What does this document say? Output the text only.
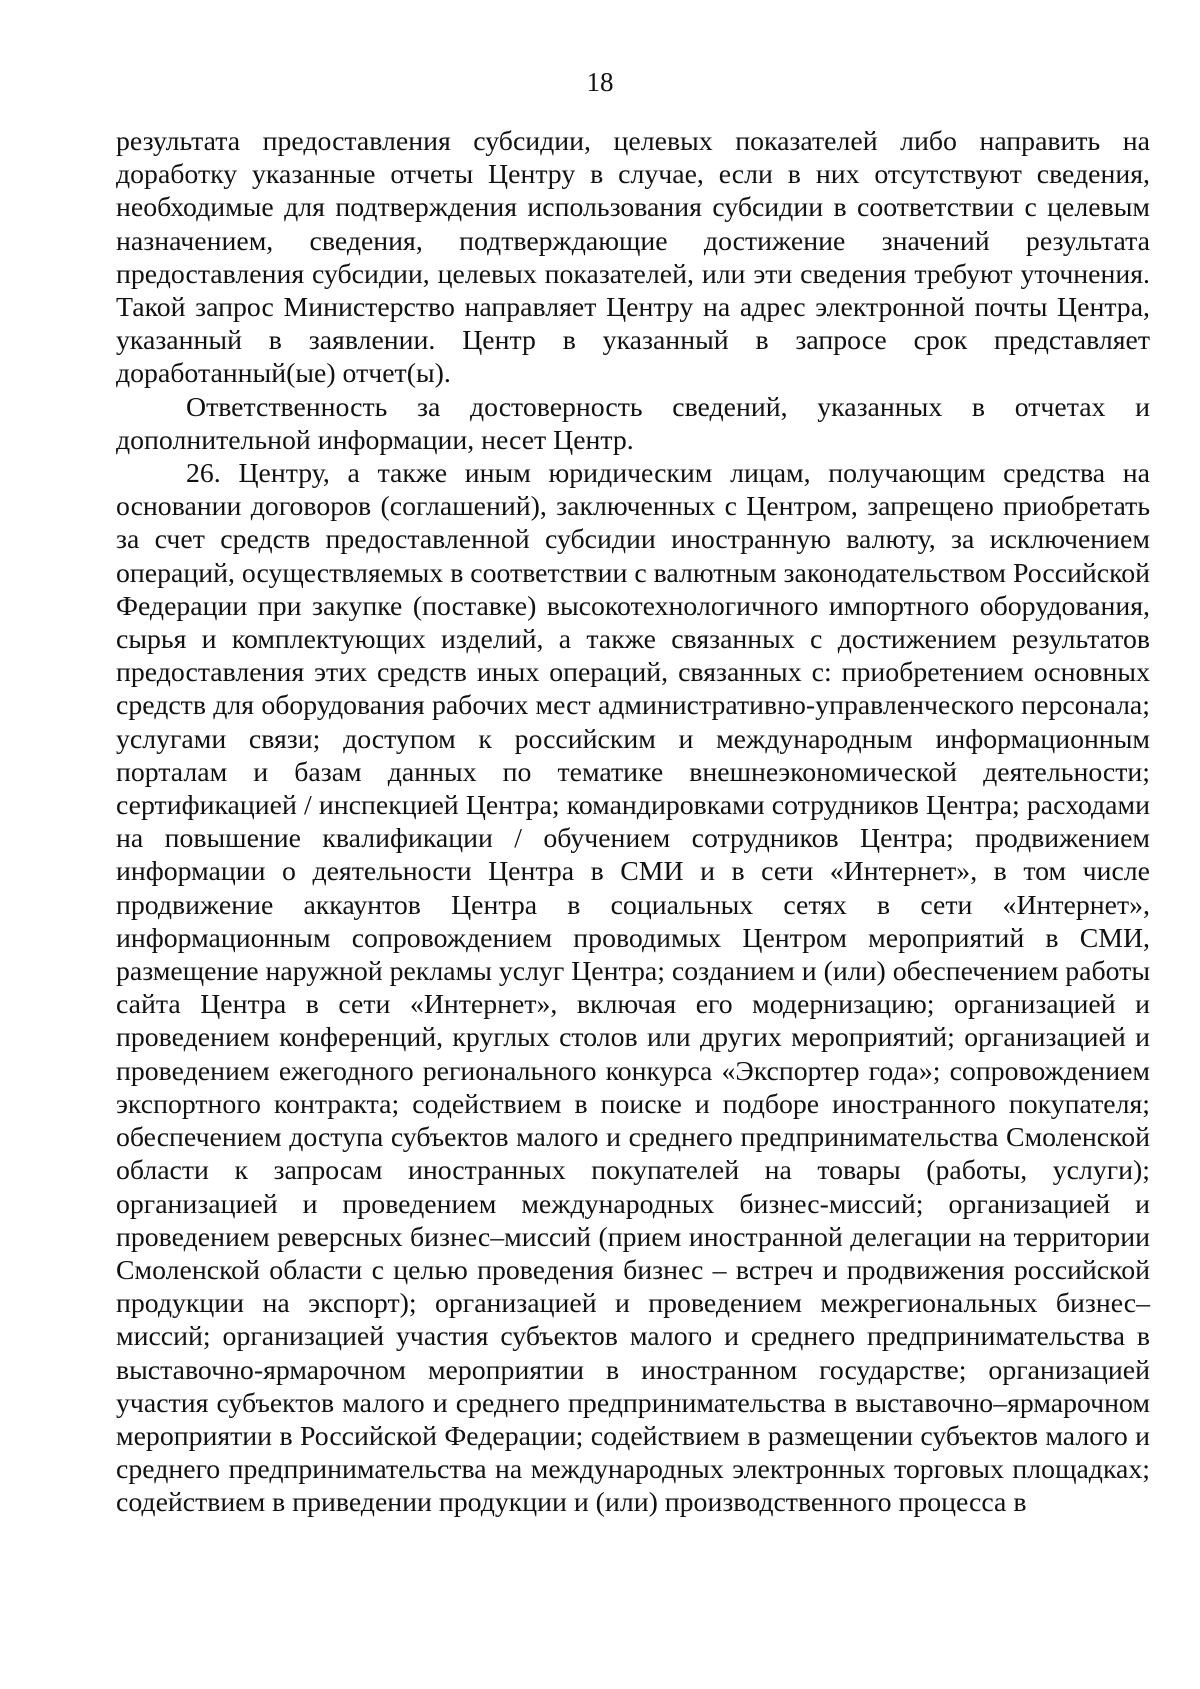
18

результата предоставления субсидии, целевых показателей либо направить на доработку указанные отчеты Центру в случае, если в них отсутствуют сведения, необходимые для подтверждения использования субсидии в соответствии с целевым назначением, сведения, подтверждающие достижение значений результата предоставления субсидии, целевых показателей, или эти сведения требуют уточнения. Такой запрос Министерство направляет Центру на адрес электронной почты Центра, указанный в заявлении. Центр в указанный в запросе срок представляет доработанный(ые) отчет(ы).

Ответственность за достоверность сведений, указанных в отчетах и дополнительной информации, несет Центр.

26. Центру, а также иным юридическим лицам, получающим средства на основании договоров (соглашений), заключенных с Центром, запрещено приобретать за счет средств предоставленной субсидии иностранную валюту, за исключением операций, осуществляемых в соответствии с валютным законодательством Российской Федерации при закупке (поставке) высокотехнологичного импортного оборудования, сырья и комплектующих изделий, а также связанных с достижением результатов предоставления этих средств иных операций, связанных с: приобретением основных средств для оборудования рабочих мест административно-управленческого персонала; услугами связи; доступом к российским и международным информационным порталам и базам данных по тематике внешнеэкономической деятельности; сертификацией / инспекцией Центра; командировками сотрудников Центра; расходами на повышение квалификации / обучением сотрудников Центра; продвижением информации о деятельности Центра в СМИ и в сети «Интернет», в том числе продвижение аккаунтов Центра в социальных сетях в сети «Интернет», информационным сопровождением проводимых Центром мероприятий в СМИ, размещение наружной рекламы услуг Центра; созданием и (или) обеспечением работы сайта Центра в сети «Интернет», включая его модернизацию; организацией и проведением конференций, круглых столов или других мероприятий; организацией и проведением ежегодного регионального конкурса «Экспортер года»; сопровождением экспортного контракта; содействием в поиске и подборе иностранного покупателя; обеспечением доступа субъектов малого и среднего предпринимательства Смоленской области к запросам иностранных покупателей на товары (работы, услуги); организацией и проведением международных бизнес-миссий; организацией и проведением реверсных бизнес–миссий (прием иностранной делегации на территории Смоленской области с целью проведения бизнес – встреч и продвижения российской продукции на экспорт); организацией и проведением межрегиональных бизнес–миссий; организацией участия субъектов малого и среднего предпринимательства в выставочно-ярмарочном мероприятии в иностранном государстве; организацией участия субъектов малого и среднего предпринимательства в выставочно–ярмарочном мероприятии в Российской Федерации; содействием в размещении субъектов малого и среднего предпринимательства на международных электронных торговых площадках; содействием в приведении продукции и (или) производственного процесса в
